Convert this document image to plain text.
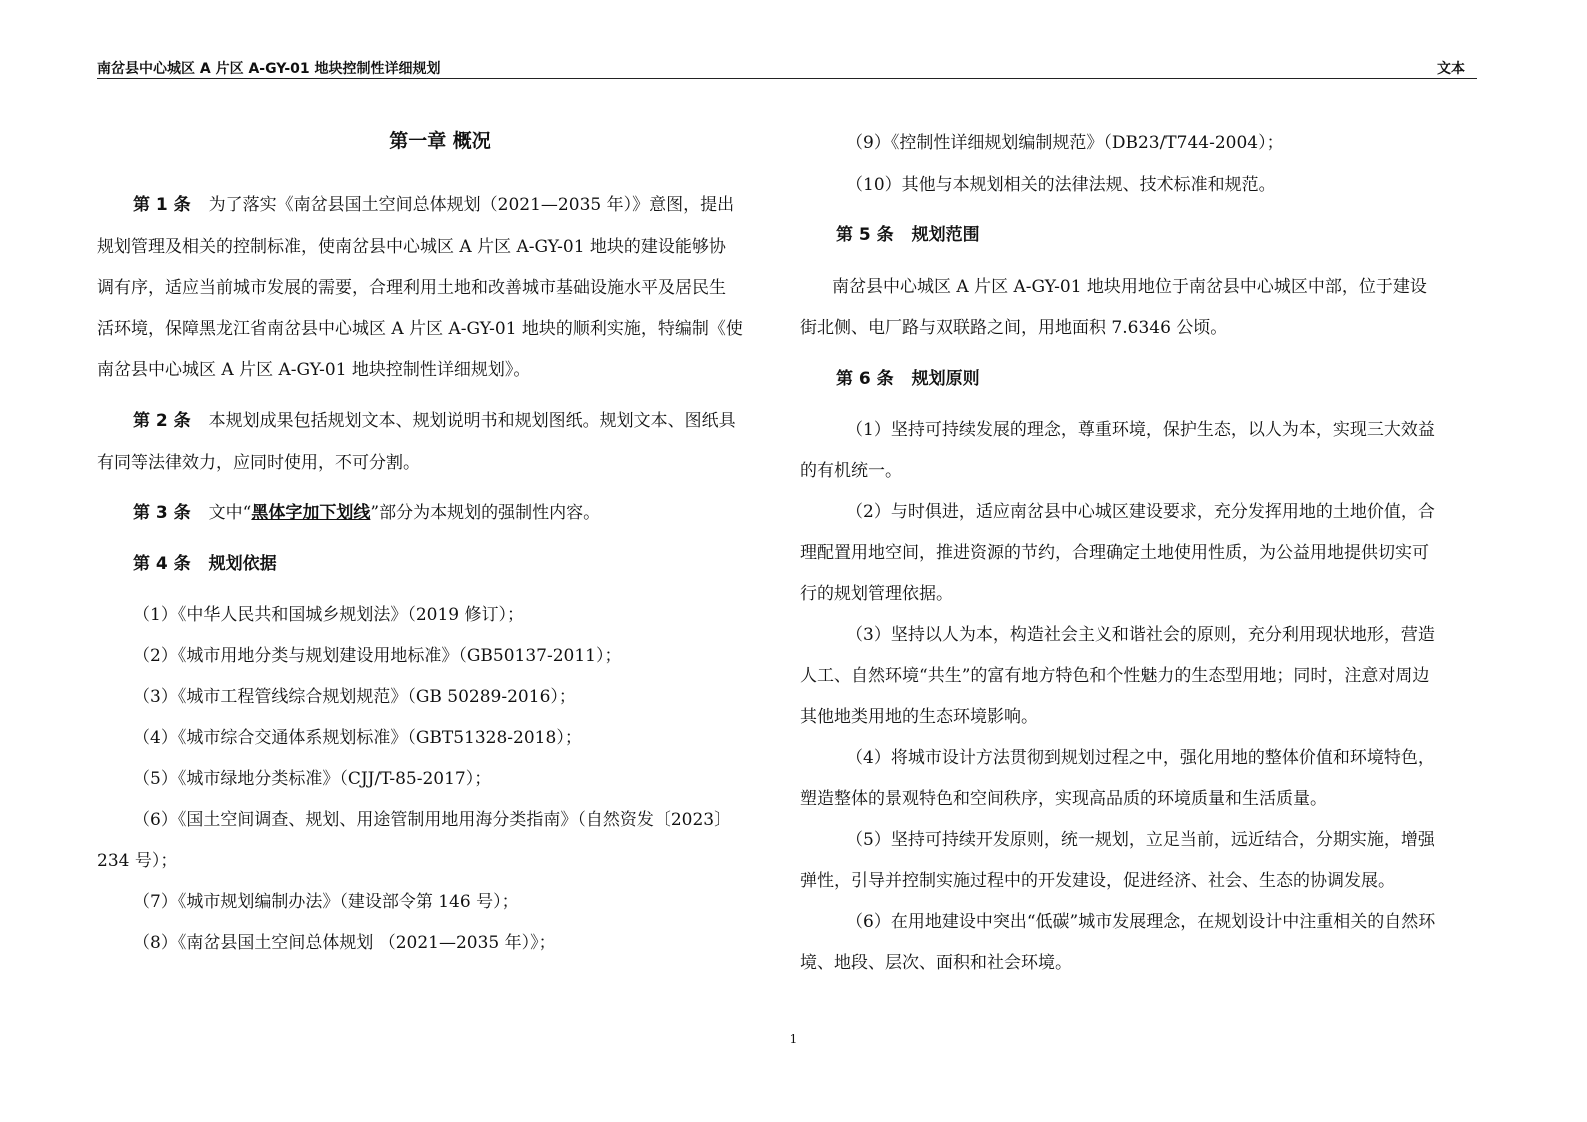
南岔县中心城区 A 片区 A-GY-01 地块控制性详细规划	文本
第一章 概况
第 1 条 为了落实《南岔县国土空间总体规划（2021—2035 年）》意图，提出
规划管理及相关的控制标准，使南岔县中心城区 A 片区 A-GY-01 地块的建设能够协
调有序，适应当前城市发展的需要，合理利用土地和改善城市基础设施水平及居民生
活环境，保障黑龙江省南岔县中心城区 A 片区 A-GY-01 地块的顺利实施，特编制《使
南岔县中心城区 A 片区 A-GY-01 地块控制性详细规划》。
第 2 条 本规划成果包括规划文本、规划说明书和规划图纸。规划文本、图纸具
有同等法律效力，应同时使用，不可分割。
第 3 条 文中“黑体字加下划线”部分为本规划的强制性内容。
第 4 条 规划依据
（1）《中华人民共和国城乡规划法》（2019 修订）；
（2）《城市用地分类与规划建设用地标准》（GB50137-2011）；
（3）《城市工程管线综合规划规范》（GB 50289-2016）；
（4）《城市综合交通体系规划标准》（GBT51328-2018）；
（5）《城市绿地分类标准》（CJJ/T-85-2017）；
（6）《国土空间调查、规划、用途管制用地用海分类指南》（自然资发〔2023〕
234 号）；
（7）《城市规划编制办法》（建设部令第 146 号）；
（8）《南岔县国土空间总体规划 （2021—2035 年）》；
（9）《控制性详细规划编制规范》（DB23/T744-2004）；
（10）其他与本规划相关的法律法规、技术标准和规范。
第 5 条 规划范围
南岔县中心城区 A 片区 A-GY-01 地块用地位于南岔县中心城区中部，位于建设
街北侧、电厂路与双联路之间，用地面积 7.6346 公顷。
第 6 条 规划原则
（1）坚持可持续发展的理念，尊重环境，保护生态，以人为本，实现三大效益
的有机统一。
（2）与时俱进，适应南岔县中心城区建设要求，充分发挥用地的土地价值，合
理配置用地空间，推进资源的节约，合理确定土地使用性质，为公益用地提供切实可
行的规划管理依据。
（3）坚持以人为本，构造社会主义和谐社会的原则，充分利用现状地形，营造
人工、自然环境“共生”的富有地方特色和个性魅力的生态型用地；同时，注意对周边
其他地类用地的生态环境影响。
（4）将城市设计方法贯彻到规划过程之中，强化用地的整体价值和环境特色，
塑造整体的景观特色和空间秩序，实现高品质的环境质量和生活质量。
（5）坚持可持续开发原则，统一规划，立足当前，远近结合，分期实施，增强
弹性，引导并控制实施过程中的开发建设，促进经济、社会、生态的协调发展。
（6）在用地建设中突出“低碳”城市发展理念，在规划设计中注重相关的自然环
境、地段、层次、面积和社会环境。
1
